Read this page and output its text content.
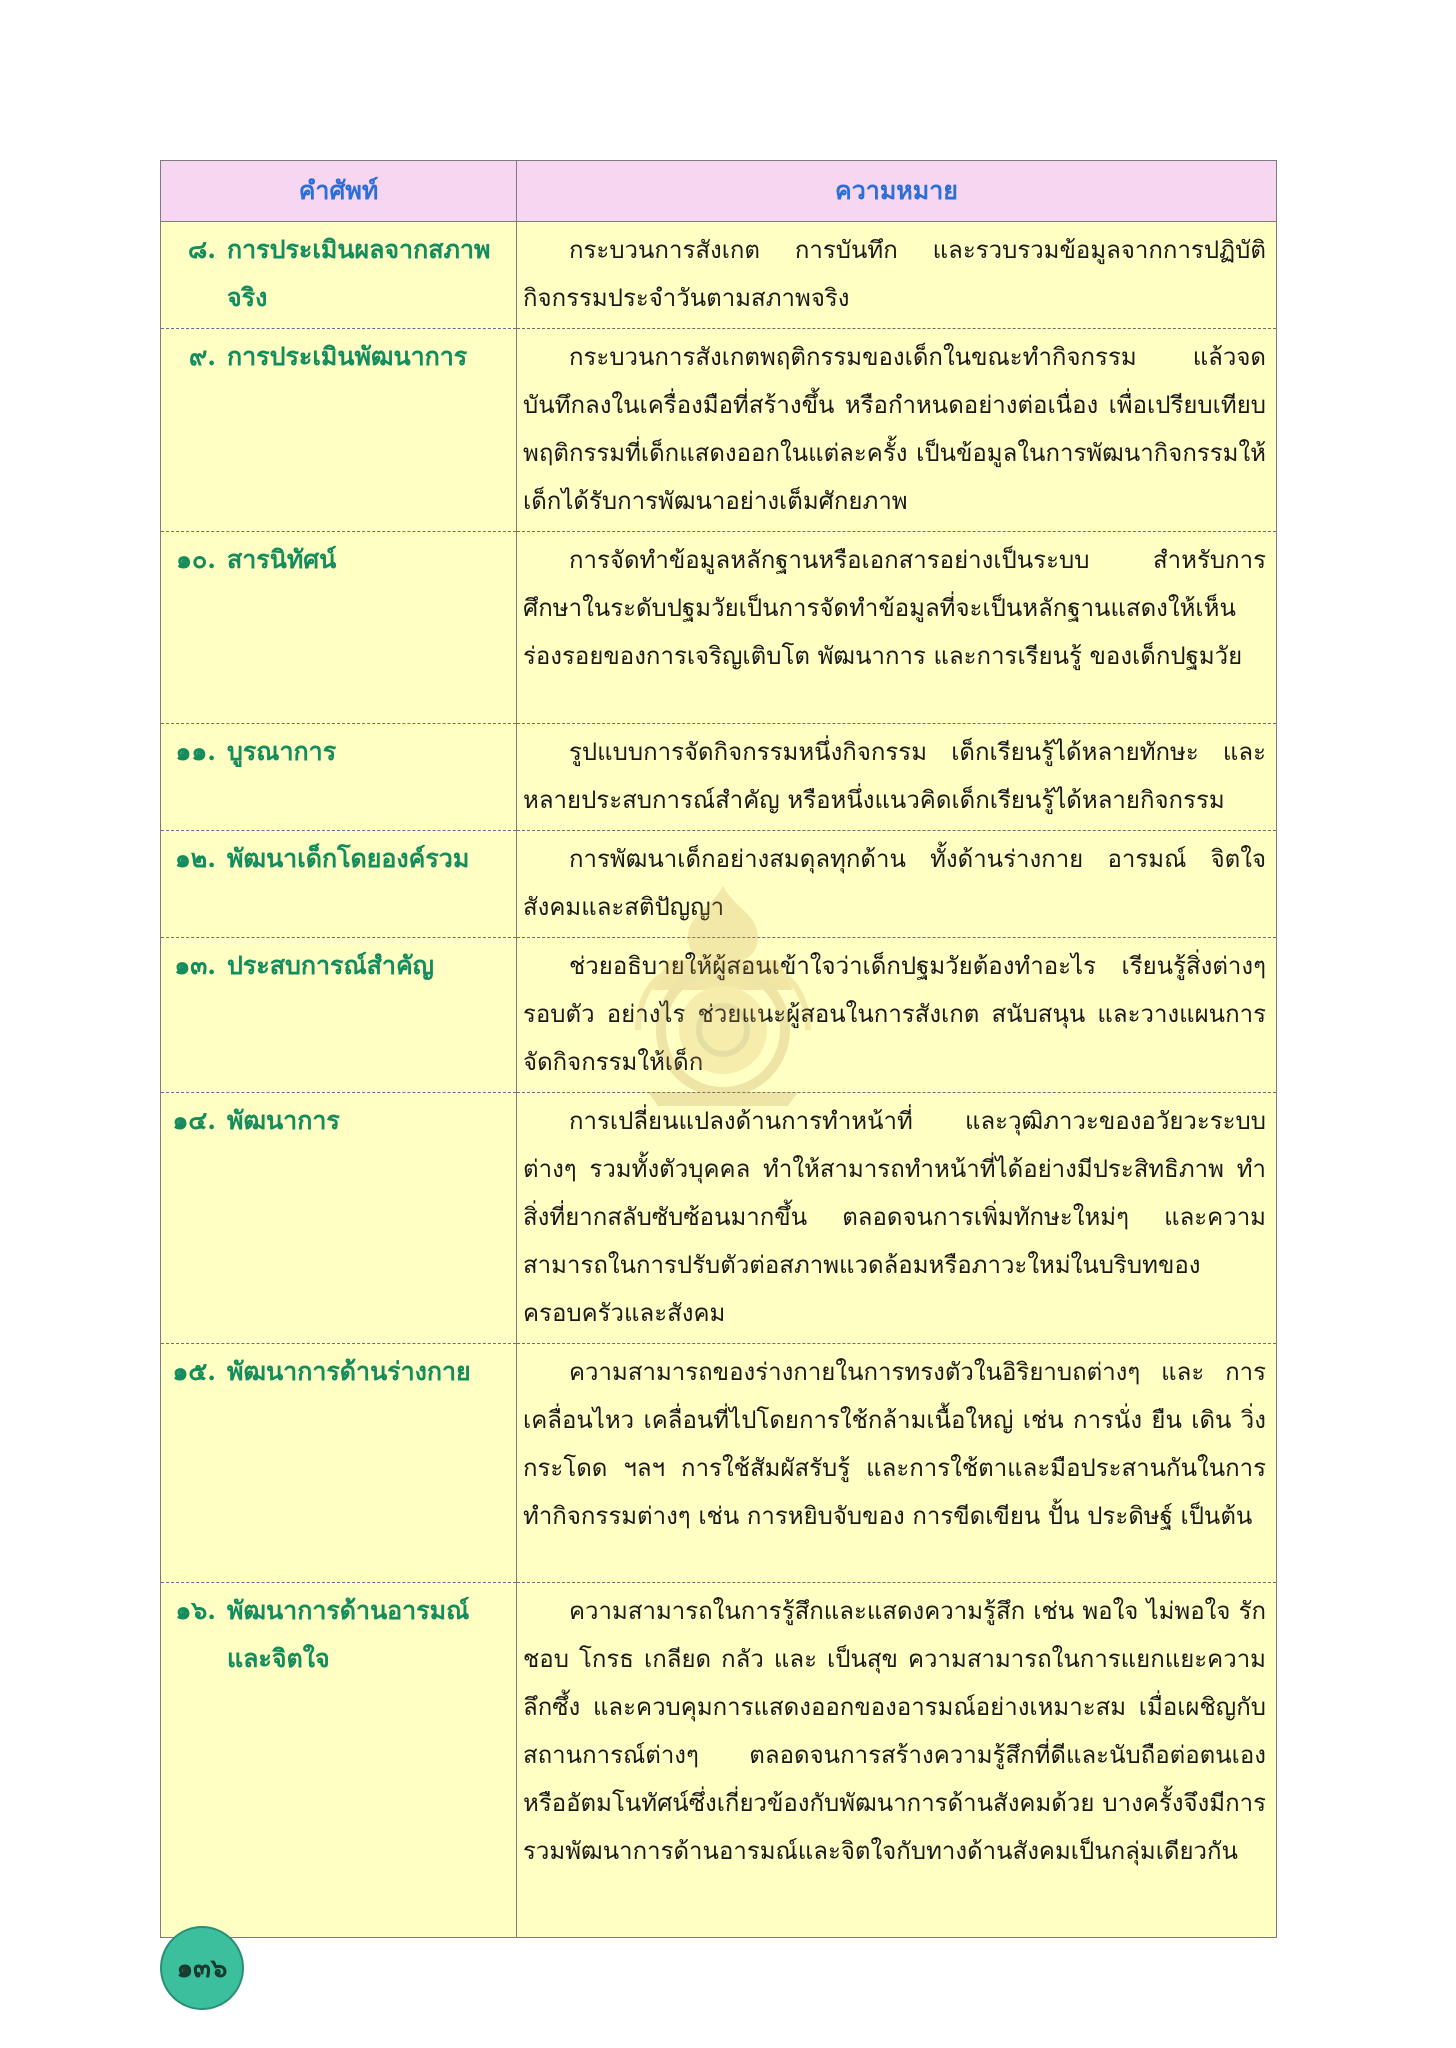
คำศัพท์	ความหมาย

๘. การประเมินผลจากสภาพจริง	กระบวนการสังเกต การบันทึก และรวบรวมข้อมูลจากการปฏิบัติกิจกรรมประจำวันตามสภาพจริง

๙. การประเมินพัฒนาการ	กระบวนการสังเกตพฤติกรรมของเด็กในขณะทำกิจกรรม แล้วจดบันทึกลงในเครื่องมือที่สร้างขึ้น หรือกำหนดอย่างต่อเนื่อง เพื่อเปรียบเทียบพฤติกรรมที่เด็กแสดงออกในแต่ละครั้ง เป็นข้อมูลในการพัฒนากิจกรรมให้เด็กได้รับการพัฒนาอย่างเต็มศักยภาพ

๑๐. สารนิทัศน์	การจัดทำข้อมูลหลักฐานหรือเอกสารอย่างเป็นระบบ สำหรับการศึกษาในระดับปฐมวัยเป็นการจัดทำข้อมูลที่จะเป็นหลักฐานแสดงให้เห็นร่องรอยของการเจริญเติบโต พัฒนาการ และการเรียนรู้ ของเด็กปฐมวัย

๑๑. บูรณาการ	รูปแบบการจัดกิจกรรมหนึ่งกิจกรรม เด็กเรียนรู้ได้หลายทักษะ และหลายประสบการณ์สำคัญ หรือหนึ่งแนวคิดเด็กเรียนรู้ได้หลายกิจกรรม

๑๒. พัฒนาเด็กโดยองค์รวม	การพัฒนาเด็กอย่างสมดุลทุกด้าน ทั้งด้านร่างกาย อารมณ์ จิตใจ สังคมและสติปัญญา

๑๓. ประสบการณ์สำคัญ	ช่วยอธิบายให้ผู้สอนเข้าใจว่าเด็กปฐมวัยต้องทำอะไร เรียนรู้สิ่งต่างๆ รอบตัว อย่างไร ช่วยแนะผู้สอนในการสังเกต สนับสนุน และวางแผนการจัดกิจกรรมให้เด็ก

๑๔. พัฒนาการ	การเปลี่ยนแปลงด้านการทำหน้าที่ และวุฒิภาวะของอวัยวะระบบต่างๆ รวมทั้งตัวบุคคล ทำให้สามารถทำหน้าที่ได้อย่างมีประสิทธิภาพ ทำสิ่งที่ยากสลับซับซ้อนมากขึ้น ตลอดจนการเพิ่มทักษะใหม่ๆ และความสามารถในการปรับตัวต่อสภาพแวดล้อมหรือภาวะใหม่ในบริบทของครอบครัวและสังคม

๑๕. พัฒนาการด้านร่างกาย	ความสามารถของร่างกายในการทรงตัวในอิริยาบถต่างๆ และ การเคลื่อนไหว เคลื่อนที่ไปโดยการใช้กล้ามเนื้อใหญ่ เช่น การนั่ง ยืน เดิน วิ่ง กระโดด ฯลฯ การใช้สัมผัสรับรู้ และการใช้ตาและมือประสานกันในการทำกิจกรรมต่างๆ เช่น การหยิบจับของ การขีดเขียน ปั้น ประดิษฐ์ เป็นต้น

๑๖. พัฒนาการด้านอารมณ์และจิตใจ	ความสามารถในการรู้สึกและแสดงความรู้สึก เช่น พอใจ ไม่พอใจ รัก ชอบ โกรธ เกลียด กลัว และ เป็นสุข ความสามารถในการแยกแยะความลึกซึ้ง และควบคุมการแสดงออกของอารมณ์อย่างเหมาะสม เมื่อเผชิญกับสถานการณ์ต่างๆ ตลอดจนการสร้างความรู้สึกที่ดีและนับถือต่อตนเอง หรืออัตมโนทัศน์ซึ่งเกี่ยวข้องกับพัฒนาการด้านสังคมด้วย บางครั้งจึงมีการรวมพัฒนาการด้านอารมณ์และจิตใจกับทางด้านสังคมเป็นกลุ่มเดียวกัน
๑๓๖
